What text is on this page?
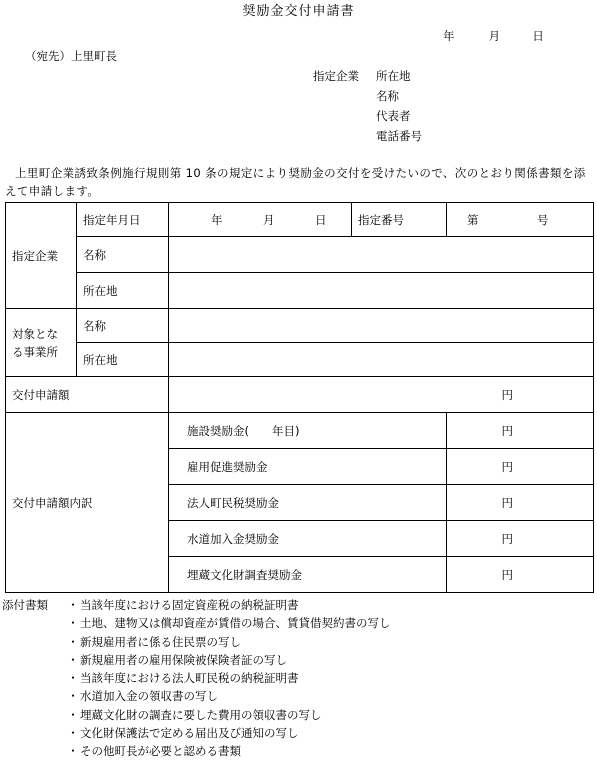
奨励金交付申請書
年	月	日
（宛先）上里町長
指定企業 所在地
名称
代表者
電話番号
上里町企業誘致条例施行規則第 10 条の規定により奨励金の交付を受けたいので、次のとおり関係書類を添えて申請します。
指定企業	指定年月日	年 月 日	指定番号	第 号
	名称			
	所在地			

対象とな
る事業所	名称			
	所在地			
交付申請額		円		
交付申請額内訳		施設奨励金(　　年目)		円
		雇用促進奨励金		円
		法人町民税奨励金		円
		水道加入金奨励金		円
		埋蔵文化財調査奨励金		円
添付書類 ・当該年度における固定資産税の納税証明書
・土地、建物又は償却資産が賃借の場合、賃貸借契約書の写し
・新規雇用者に係る住民票の写し
・新規雇用者の雇用保険被保険者証の写し
・当該年度における法人町民税の納税証明書
・水道加入金の領収書の写し
・埋蔵文化財の調査に要した費用の領収書の写し
・文化財保護法で定める届出及び通知の写し
・その他町長が必要と認める書類
